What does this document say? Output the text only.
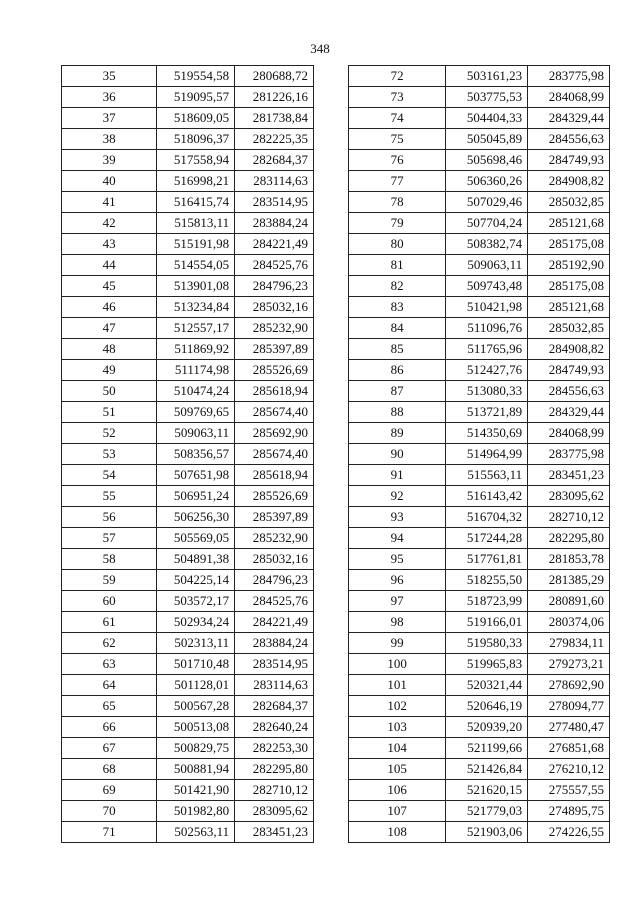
348
35	519554,58	280688,72
36	519095,57	281226,16
37	518609,05	281738,84
38	518096,37	282225,35
39	517558,94	282684,37
40	516998,21	283114,63
41	516415,74	283514,95
42	515813,11	283884,24
43	515191,98	284221,49
44	514554,05	284525,76
45	513901,08	284796,23
46	513234,84	285032,16
47	512557,17	285232,90
48	511869,92	285397,89
49	511174,98	285526,69
50	510474,24	285618,94
51	509769,65	285674,40
52	509063,11	285692,90
53	508356,57	285674,40
54	507651,98	285618,94
55	506951,24	285526,69
56	506256,30	285397,89
57	505569,05	285232,90
58	504891,38	285032,16
59	504225,14	284796,23
60	503572,17	284525,76
61	502934,24	284221,49
62	502313,11	283884,24
63	501710,48	283514,95
64	501128,01	283114,63
65	500567,28	282684,37
66	500513,08	282640,24
67	500829,75	282253,30
68	500881,94	282295,80
69	501421,90	282710,12
70	501982,80	283095,62
71	502563,11	283451,23
72	503161,23	283775,98
73	503775,53	284068,99
74	504404,33	284329,44
75	505045,89	284556,63
76	505698,46	284749,93
77	506360,26	284908,82
78	507029,46	285032,85
79	507704,24	285121,68
80	508382,74	285175,08
81	509063,11	285192,90
82	509743,48	285175,08
83	510421,98	285121,68
84	511096,76	285032,85
85	511765,96	284908,82
86	512427,76	284749,93
87	513080,33	284556,63
88	513721,89	284329,44
89	514350,69	284068,99
90	514964,99	283775,98
91	515563,11	283451,23
92	516143,42	283095,62
93	516704,32	282710,12
94	517244,28	282295,80
95	517761,81	281853,78
96	518255,50	281385,29
97	518723,99	280891,60
98	519166,01	280374,06
99	519580,33	279834,11
100	519965,83	279273,21
101	520321,44	278692,90
102	520646,19	278094,77
103	520939,20	277480,47
104	521199,66	276851,68
105	521426,84	276210,12
106	521620,15	275557,55
107	521779,03	274895,75
108	521903,06	274226,55
